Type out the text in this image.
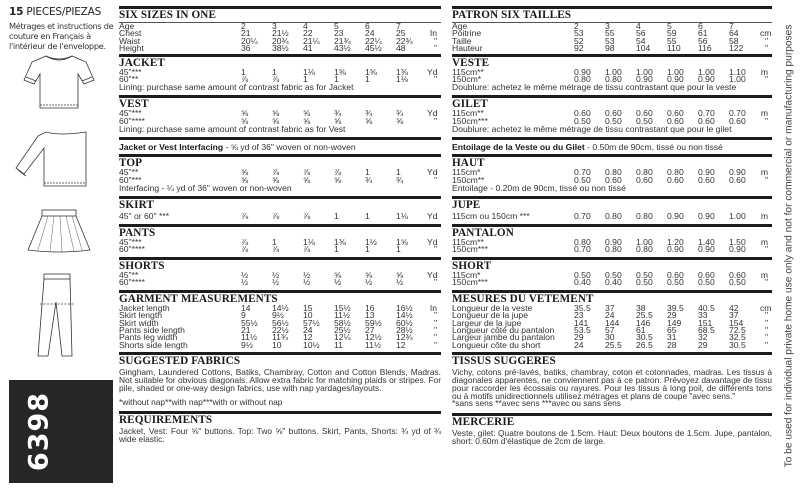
15 PIECES/PIEZAS
Métrages et instructions de couture en Français à l'intérieur de l'enveloppe.
6398
SIX SIZES IN ONE
Age	2	3	4	5	6	7
Chest	21	21½	22	23	24	25	In
Waist	20¼	20¾	21¼	21¾	22¼	22¾	"
Height	36	38½	41	43½	45½	48	"
JACKET
45"***	1	1	1⅛	1⅜	1⅜	1⅜	Yd
60"**	⅞	⅞	1	1	1	1⅛	"
Lining: purchase same amount of contrast fabric as for Jacket
VEST
45"***	⅝	⅝	⅝	¾	¾	¾	Yd
60"****	⅝	⅝	⅝	⅝	⅝	⅝	"
Lining: purchase same amount of contrast fabric as for Vest
Jacket or Vest Interfacing - ⅝ yd of 36" woven or non-woven
TOP
45"**	⅝	⅞	⅞	⅞	1	1	Yd
60"***	⅝	⅝	⅝	⅝	¾	¾	"
Interfacing - ¼ yd of 36" woven or non-woven
SKIRT
45" or 60" ***	⅞	⅞	⅞	1	1	1⅛	Yd
PANTS
45"***	⅞	1	1⅛	1⅜	1½	1⅝	Yd
60"****	⅞	⅞	⅞	1	1	1	"
SHORTS
45"**	½	½	½	⅝	⅝	⅝	Yd
60"****	½	½	½	½	½	½	"
GARMENT MEASUREMENTS
Jacket length	14	14½	15	15½	16	16½	In
Skirt length	9	9½	10	11½	13	14½	"
Skirt width	55½	56½	57½	58½	59½	60½	"
Pants side length	21	22½	24	25½	27	28½	"
Pants leg width	11½	11¾	12	12¼	12½	12¾	"
Shorts side length	9½	10	10½	11	11½	12	"
SUGGESTED FABRICS
Gingham, Laundered Cottons, Batiks, Chambray, Cotton and Cotton Blends, Madras. Not suitable for obvious diagonals. Allow extra fabric for matching plaids or stripes. For pile, shaded or one-way design fabrics, use with nap yardages/layouts.
*without nap**with nap***with or without nap
REQUIREMENTS
Jacket, Vest: Four ⅝" buttons. Top: Two ⅝" buttons. Skirt, Pants, Shorts: ¾ yd of ¾ wide elastic.
PATRON SIX TAILLES
Age	2	3	4	5	6	7
Poitrine	53	55	56	59	61	64	cm
Taille	52	53	54	55	56	58	"
Hauteur	92	98	104	110	116	122	"
VESTE
115cm**	0.90	1.00	1.00	1.00	1.00	1.10	m
150cm*	0.80	0.80	0.90	0.90	0.90	1.00	"
Doublure: achetez le même métrage de tissu contrastant que pour la veste
GILET
115cm**	0.60	0.60	0.60	0.60	0.70	0.70	m
150cm***	0.50	0.50	0.50	0.60	0.60	0.60	"
Doublure: achetez le même métrage de tissu contrastant que pour le gilet
Entoilage de la Veste ou du Gilet - 0.50m de 90cm, tissé ou non tissé
HAUT
115cm*	0.70	0.80	0.80	0.80	0.90	0.90	m
150cm**	0.50	0.60	0.60	0.60	0.60	0.60	"
Entoilage - 0.20m de 90cm, tissé ou non tissé
JUPE
115cm ou 150cm ***	0.70	0.80	0.80	0.90	0.90	1.00	m
PANTALON
115cm**	0.80	0.90	1.00	1.20	1.40	1.50	m
150cm***	0.70	0.80	0.80	0.90	0.90	0.90	"
SHORT
115cm*	0.50	0.50	0.50	0.60	0.60	0.60	m
150cm***	0.40	0.40	0.50	0.50	0.50	0.50	"
MESURES DU VETEMENT
Longueur de la veste	35.5	37	38	39.5	40.5	42	cm
Longueur de la jupe	23	24	25.5	29	33	37	"
Largeur de la jupe	141	144	146	149	151	154	"
Longueur côté du pantalon	53.5	57	61	65	68.5	72.5	"
Largeur jambe du pantalon	29	30	30.5	31	32	32.5	"
Longueur côte du short	24	25.5	26.5	28	29	30.5	"
TISSUS SUGGERES
Vichy, cotons pré-lavés, batiks, chambray, coton et cotonnades, madras. Les tissus à diagonales apparentes, ne conviennent pas à ce patron. Prévoyez davantage de tissu pour raccorder les écossais ou rayures. Pour les tissus à long poil, de différents tons ou à motifs unidirectionnels utilisez métrages et plans de coupe "avec sens."
*sans sens **avec sens ***avec ou sans sens
MERCERIE
Veste, gilet: Quatre boutons de 1.5cm. Haut: Deux boutons de 1.5cm. Jupe, pantalon, short: 0.60m d'élastique de 2cm de large.	To be used for individual private home use only and not for commercial or manufacturing purposes
